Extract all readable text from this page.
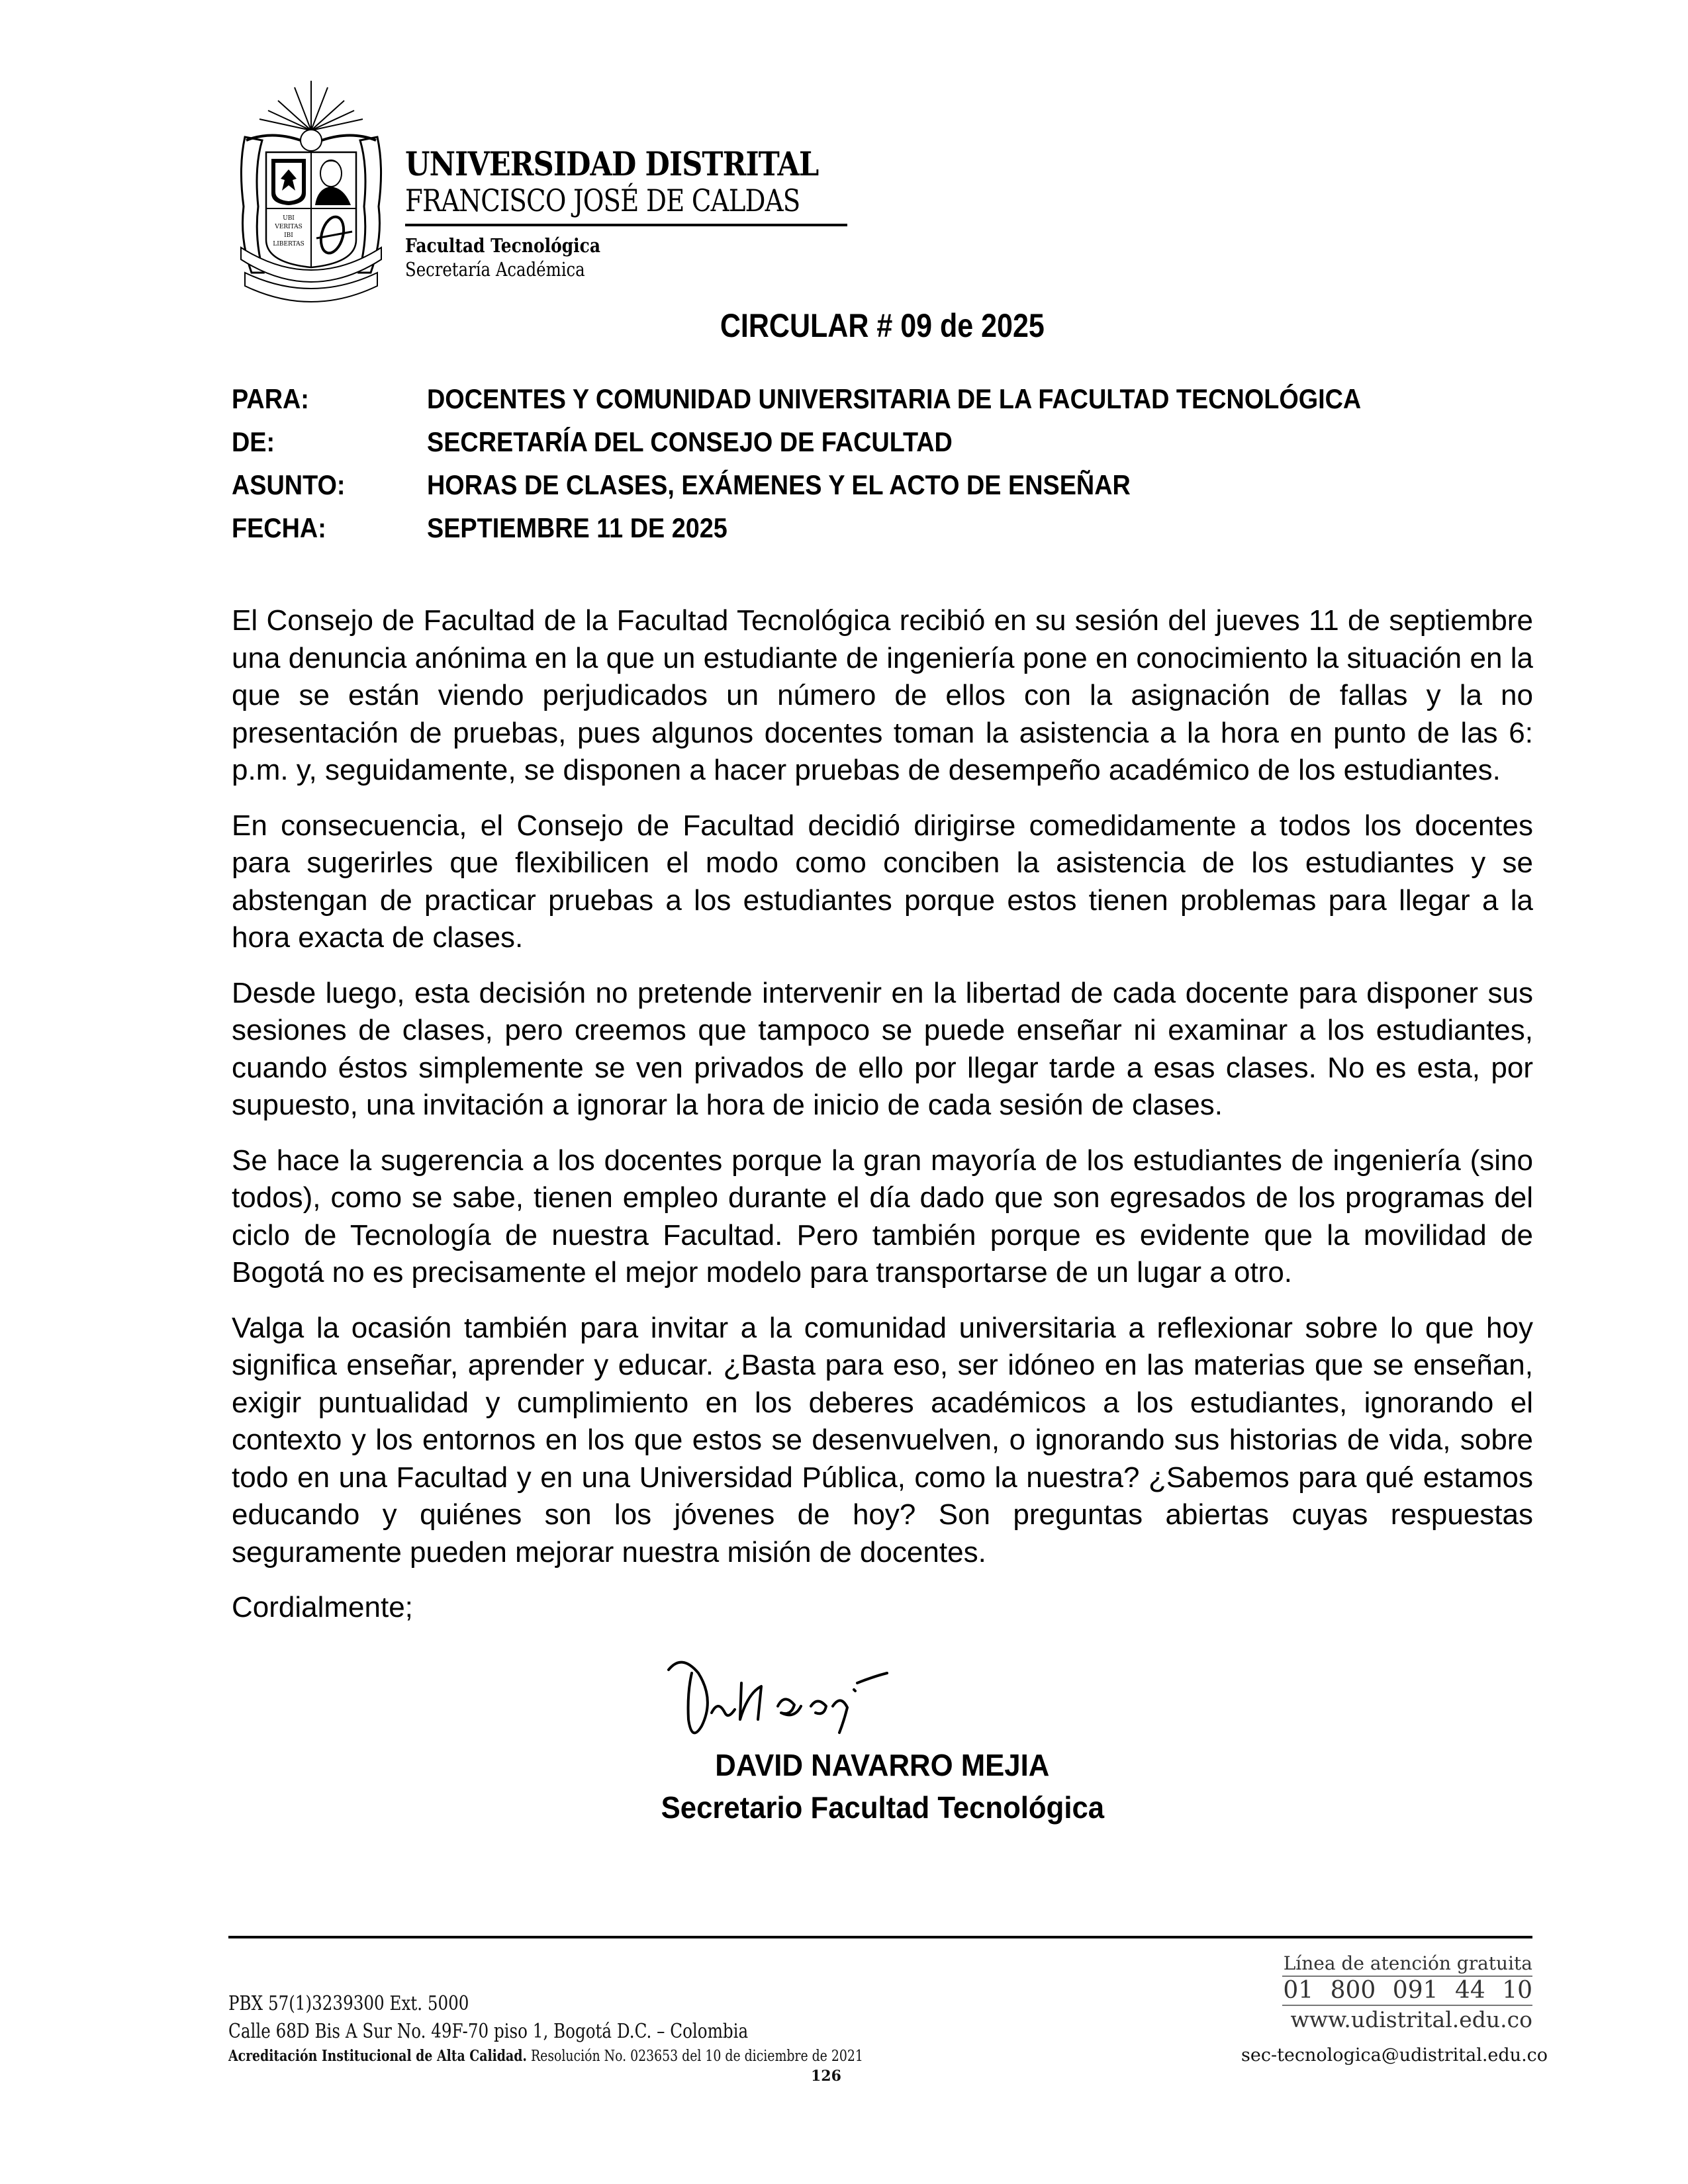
UBI
VERITAS
IBI
LIBERTAS
UNIVERSIDAD DISTRITAL
FRANCISCO JOSÉ DE CALDAS
Facultad Tecnológica
Secretaría Académica
CIRCULAR # 09 de 2025
PARA:	DOCENTES Y COMUNIDAD UNIVERSITARIA DE LA FACULTAD TECNOLÓGICA
DE:	SECRETARÍA DEL CONSEJO DE FACULTAD
ASUNTO:	HORAS DE CLASES, EXÁMENES Y EL ACTO DE ENSEÑAR
FECHA:	SEPTIEMBRE 11 DE 2025

El Consejo de Facultad de la Facultad Tecnológica recibió en su sesión del jueves 11 de septiembre una denuncia anónima en la que un estudiante de ingeniería pone en conocimiento la situación en la que se están viendo perjudicados un número de ellos con la asignación de fallas y la no presentación de pruebas, pues algunos docentes toman la asistencia a la hora en punto de las 6: p.m. y, seguidamente, se disponen a hacer pruebas de desempeño académico de los estudiantes.

En consecuencia, el Consejo de Facultad decidió dirigirse comedidamente a todos los docentes para sugerirles que flexibilicen el modo como conciben la asistencia de los estudiantes y se abstengan de practicar pruebas a los estudiantes porque estos tienen problemas para llegar a la hora exacta de clases.

Desde luego, esta decisión no pretende intervenir en la libertad de cada docente para disponer sus sesiones de clases, pero creemos que tampoco se puede enseñar ni examinar a los estudiantes, cuando éstos simplemente se ven privados de ello por llegar tarde a esas clases. No es esta, por supuesto, una invitación a ignorar la hora de inicio de cada sesión de clases.

Se hace la sugerencia a los docentes porque la gran mayoría de los estudiantes de ingeniería (sino todos), como se sabe, tienen empleo durante el día dado que son egresados de los programas del ciclo de Tecnología de nuestra Facultad. Pero también porque es evidente que la movilidad de Bogotá no es precisamente el mejor modelo para transportarse de un lugar a otro.

Valga la ocasión también para invitar a la comunidad universitaria a reflexionar sobre lo que hoy significa enseñar, aprender y educar. ¿Basta para eso, ser idóneo en las materias que se enseñan, exigir puntualidad y cumplimiento en los deberes académicos a los estudiantes, ignorando el contexto y los entornos en los que estos se desenvuelven, o ignorando sus historias de vida, sobre todo en una Facultad y en una Universidad Pública, como la nuestra? ¿Sabemos para qué estamos educando y quiénes son los jóvenes de hoy? Son preguntas abiertas cuyas respuestas seguramente pueden mejorar nuestra misión de docentes.

Cordialmente;

DAVID NAVARRO MEJIA
Secretario Facultad Tecnológica
PBX 57(1)3239300 Ext. 5000
Calle 68D Bis A Sur No. 49F-70 piso 1, Bogotá D.C. – Colombia
Acreditación Institucional de Alta Calidad. Resolución No. 023653 del 10 de diciembre de 2021
126
Línea de atención gratuita
01 800 091 44 10
www.udistrital.edu.co
sec-tecnologica@udistrital.edu.co
